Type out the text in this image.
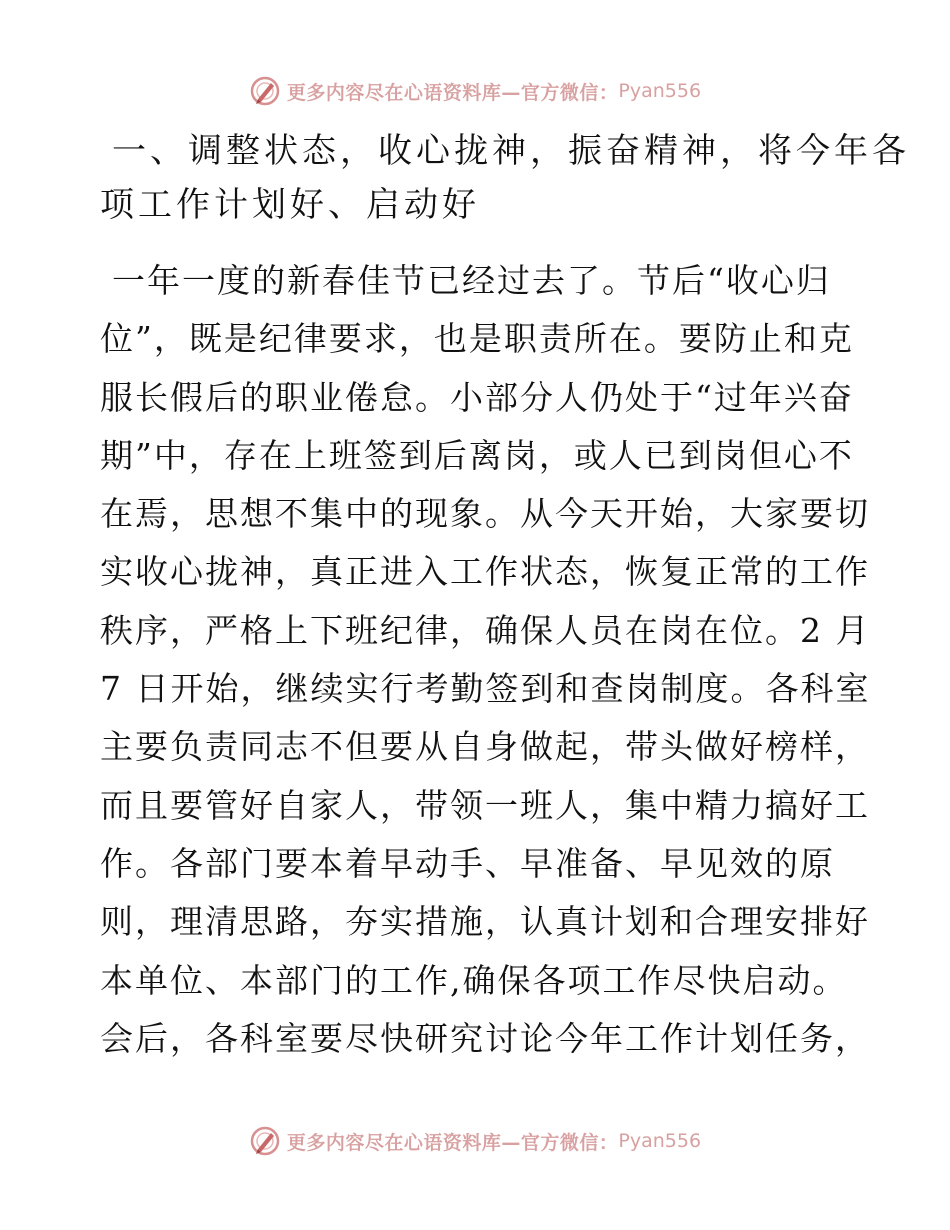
更多内容尽在心语资料库—官方微信： Pyan556
一、调整状态，收心拢神，振奋精神，将今年各
项工作计划好、启动好
一年一度的新春佳节已经过去了。节后“收心归
位”，既是纪律要求，也是职责所在。要防止和克
服长假后的职业倦怠。小部分人仍处于“过年兴奋
期”中，存在上班签到后离岗，或人已到岗但心不
在焉，思想不集中的现象。从今天开始，大家要切
实收心拢神，真正进入工作状态，恢复正常的工作
秩序，严格上下班纪律，确保人员在岗在位。2 月
7 日开始，继续实行考勤签到和查岗制度。各科室
主要负责同志不但要从自身做起，带头做好榜样，
而且要管好自家人，带领一班人，集中精力搞好工
作。各部门要本着早动手、早准备、早见效的原
则，理清思路，夯实措施，认真计划和合理安排好
本单位、本部门的工作,确保各项工作尽快启动。
会后，各科室要尽快研究讨论今年工作计划任务，
更多内容尽在心语资料库—官方微信： Pyan556
